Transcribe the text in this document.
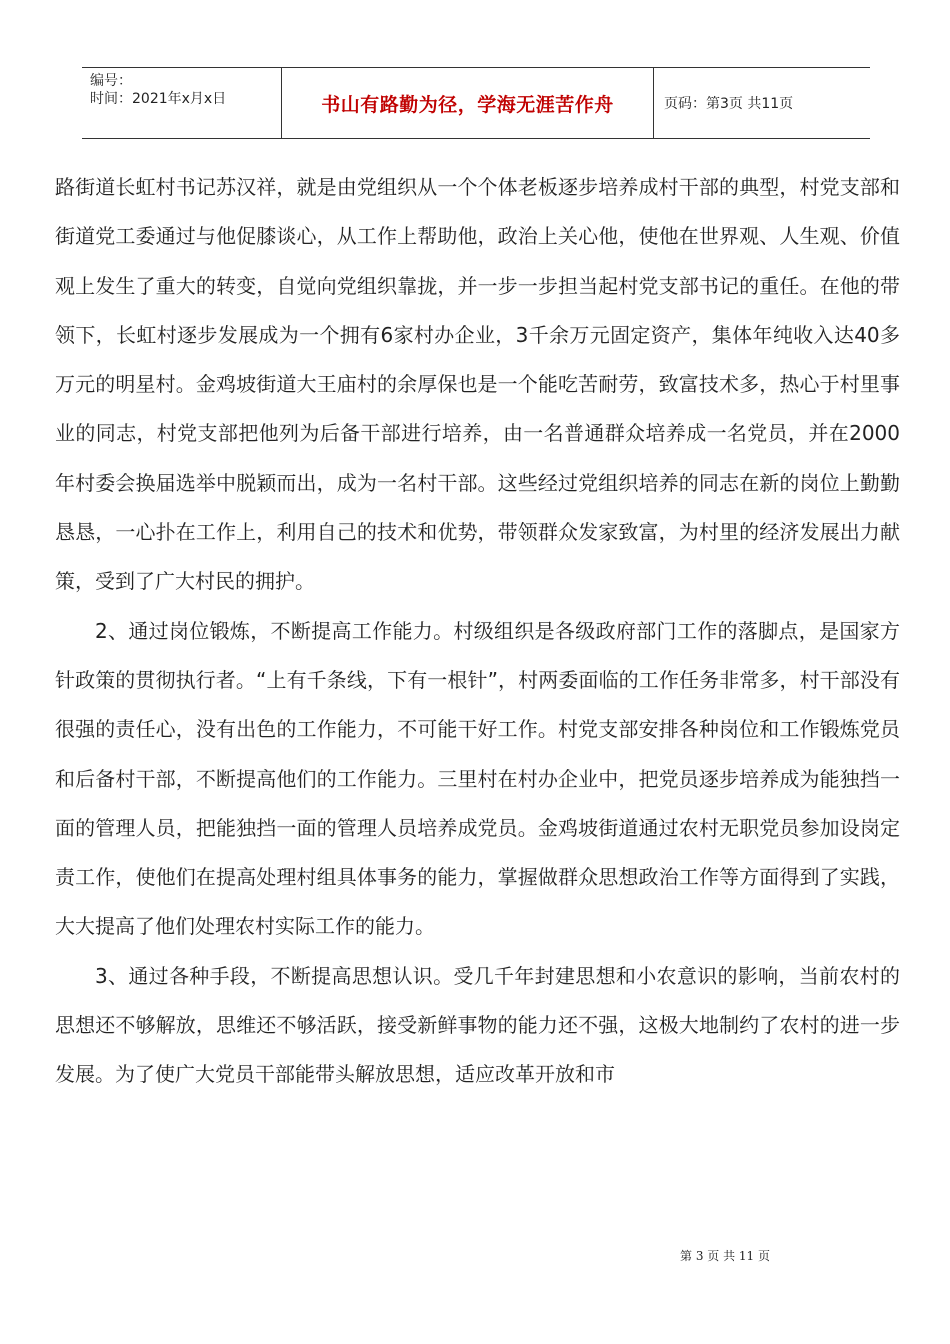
编号：
时间：2021年x月x日	书山有路勤为径，学海无涯苦作舟	页码：第3页 共11页

路街道长虹村书记苏汉祥，就是由党组织从一个个体老板逐步培养成村干部的典型，村党支部和街道党工委通过与他促膝谈心，从工作上帮助他，政治上关心他，使他在世界观、人生观、价值观上发生了重大的转变，自觉向党组织靠拢，并一步一步担当起村党支部书记的重任。在他的带领下，长虹村逐步发展成为一个拥有6家村办企业，3千余万元固定资产，集体年纯收入达40多万元的明星村。金鸡坡街道大王庙村的余厚保也是一个能吃苦耐劳，致富技术多，热心于村里事业的同志，村党支部把他列为后备干部进行培养，由一名普通群众培养成一名党员，并在2000年村委会换届选举中脱颖而出，成为一名村干部。这些经过党组织培养的同志在新的岗位上勤勤恳恳，一心扑在工作上，利用自己的技术和优势，带领群众发家致富，为村里的经济发展出力献策，受到了广大村民的拥护。

2、通过岗位锻炼，不断提高工作能力。村级组织是各级政府部门工作的落脚点，是国家方针政策的贯彻执行者。“上有千条线，下有一根针”，村两委面临的工作任务非常多，村干部没有很强的责任心，没有出色的工作能力，不可能干好工作。村党支部安排各种岗位和工作锻炼党员和后备村干部，不断提高他们的工作能力。三里村在村办企业中，把党员逐步培养成为能独挡一面的管理人员，把能独挡一面的管理人员培养成党员。金鸡坡街道通过农村无职党员参加设岗定责工作，使他们在提高处理村组具体事务的能力，掌握做群众思想政治工作等方面得到了实践，大大提高了他们处理农村实际工作的能力。

3、通过各种手段，不断提高思想认识。受几千年封建思想和小农意识的影响，当前农村的思想还不够解放，思维还不够活跃，接受新鲜事物的能力还不强，这极大地制约了农村的进一步发展。为了使广大党员干部能带头解放思想，适应改革开放和市

第 3 页 共 11 页
